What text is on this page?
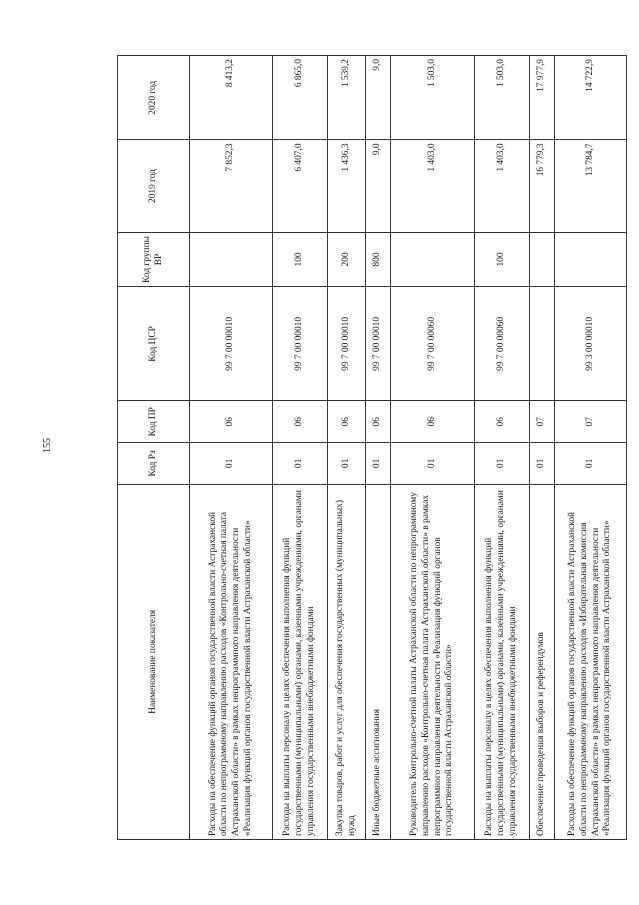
155
Наименование показателя	Код Рз	Код ПР	Код ЦСР	Код группы ВР	2019 год	2020 год
Расходы на обеспечение функций органов государственной власти Астраханской области по непрограммному направлению расходов «Контрольно-счетная палата Астраханской области» в рамках непрограммного направления деятельности «Реализация функций органов государственной власти Астраханской области»	01	06	99 7 00 00010		7 852,3	8 413,2
Расходы на выплаты персоналу в целях обеспечения выполнения функций государственными (муниципальными) органами, казенными учреждениями, органами управления государственными внебюджетными фондами	01	06	99 7 00 00010	100	6 407,0	6 865,0
Закупка товаров, работ и услуг для обеспечения государственных (муниципальных) нужд	01	06	99 7 00 00010	200	1 436,3	1 539,2
Иные бюджетные ассигнования	01	06	99 7 00 00010	800	9,0	9,0
Руководитель Контрольно-счетной палаты Астраханской области по непрограммному направлению расходов «Контрольно-счетная палата Астраханской области» в рамках непрограммного направления деятельности «Реализация функций органов государственной власти Астраханской области»	01	06	99 7 00 00060		1 403,0	1 503,0
Расходы на выплаты персоналу в целях обеспечения выполнения функций государственными (муниципальными) органами, казенными учреждениями, органами управления государственными внебюджетными фондами	01	06	99 7 00 00060	100	1 403,0	1 503,0
Обеспечение проведения выборов и референдумов	01	07			16 779,3	17 977,9
Расходы на обеспечение функций органов государственной власти Астраханской области по непрограммному направлению расходов «Избирательная комиссия Астраханской области» в рамках непрограммного направления деятельности «Реализация функций органов государственной власти Астраханской области»	01	07	99 3 00 00010		13 784,7	14 722,9
